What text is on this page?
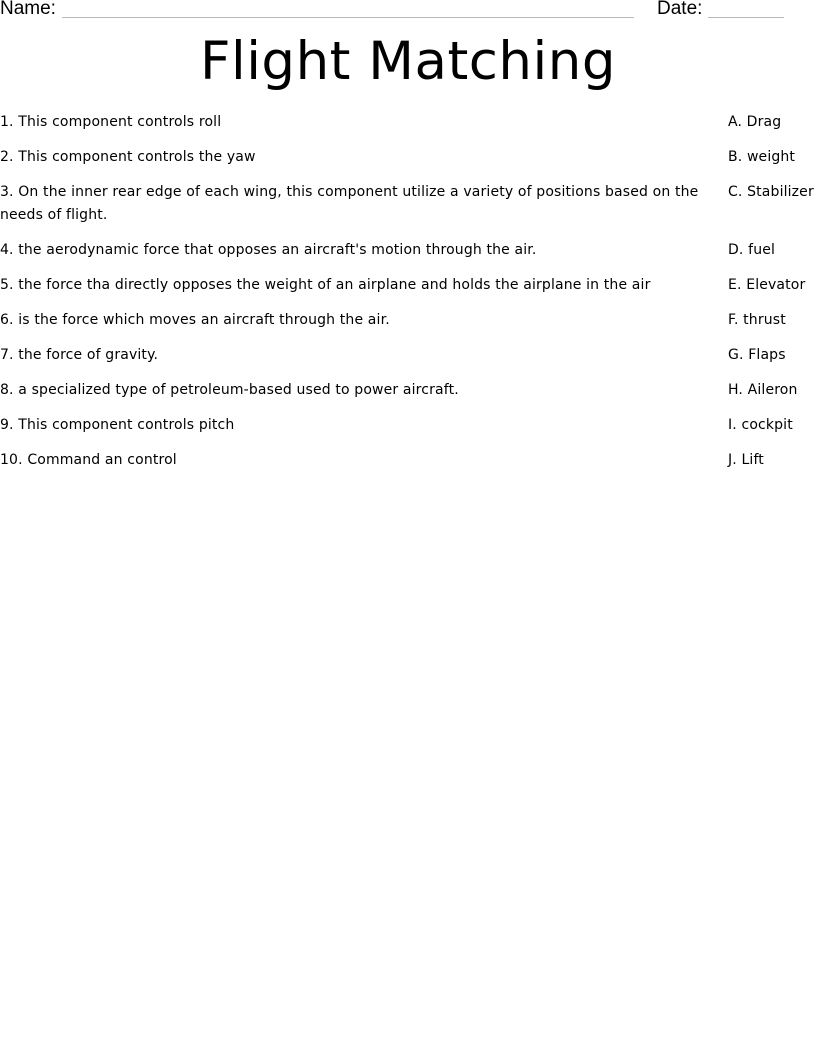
Name:	Date:
Flight Matching
1. This component controls roll
2. This component controls the yaw
3. On the inner rear edge of each wing, this component utilize a variety of positions based on the needs of flight.
4. the aerodynamic force that opposes an aircraft's motion through the air.
5. the force tha directly opposes the weight of an airplane and holds the airplane in the air
6. is the force which moves an aircraft through the air.
7. the force of gravity.
8. a specialized type of petroleum-based used to power aircraft.
9. This component controls pitch
10. Command an control
A. Drag
B. weight
C. Stabilizer
D. fuel
E. Elevator
F. thrust
G. Flaps
H. Aileron
I. cockpit
J. Lift
